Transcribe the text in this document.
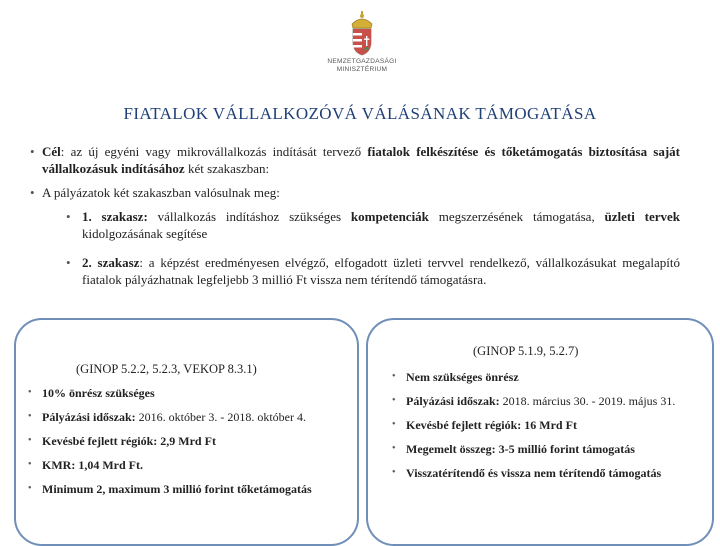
NEMZETGAZDASÁGI
MINISZTÉRIUM
FIATALOK VÁLLALKOZÓVÁ VÁLÁSÁNAK TÁMOGATÁSA
• Cél: az új egyéni vagy mikrovállalkozás indítását tervező fiatalok felkészítése és tőketámogatás biztosítása saját vállalkozásuk indításához két szakaszban:
• A pályázatok két szakaszban valósulnak meg:
• 1. szakasz: vállalkozás indításhoz szükséges kompetenciák megszerzésének támogatása, üzleti tervek kidolgozásának segítése
• 2. szakasz: a képzést eredményesen elvégző, elfogadott üzleti tervvel rendelkező, vállalkozásukat megalapító fiatalok pályázhatnak legfeljebb 3 millió Ft vissza nem térítendő támogatásra.
(GINOP 5.2.2, 5.2.3, VEKOP 8.3.1)
• 10% önrész szükséges
• Pályázási időszak: 2016. október 3. - 2018. október 4.
• Kevésbé fejlett régiók: 2,9 Mrd Ft
• KMR: 1,04 Mrd Ft.
• Minimum 2, maximum 3 millió forint tőketámogatás
(GINOP 5.1.9, 5.2.7)
• Nem szükséges önrész
• Pályázási időszak: 2018. március 30. - 2019. május 31.
• Kevésbé fejlett régiók: 16 Mrd Ft
• Megemelt összeg: 3-5 millió forint támogatás
• Visszatérítendő és vissza nem térítendő támogatás
